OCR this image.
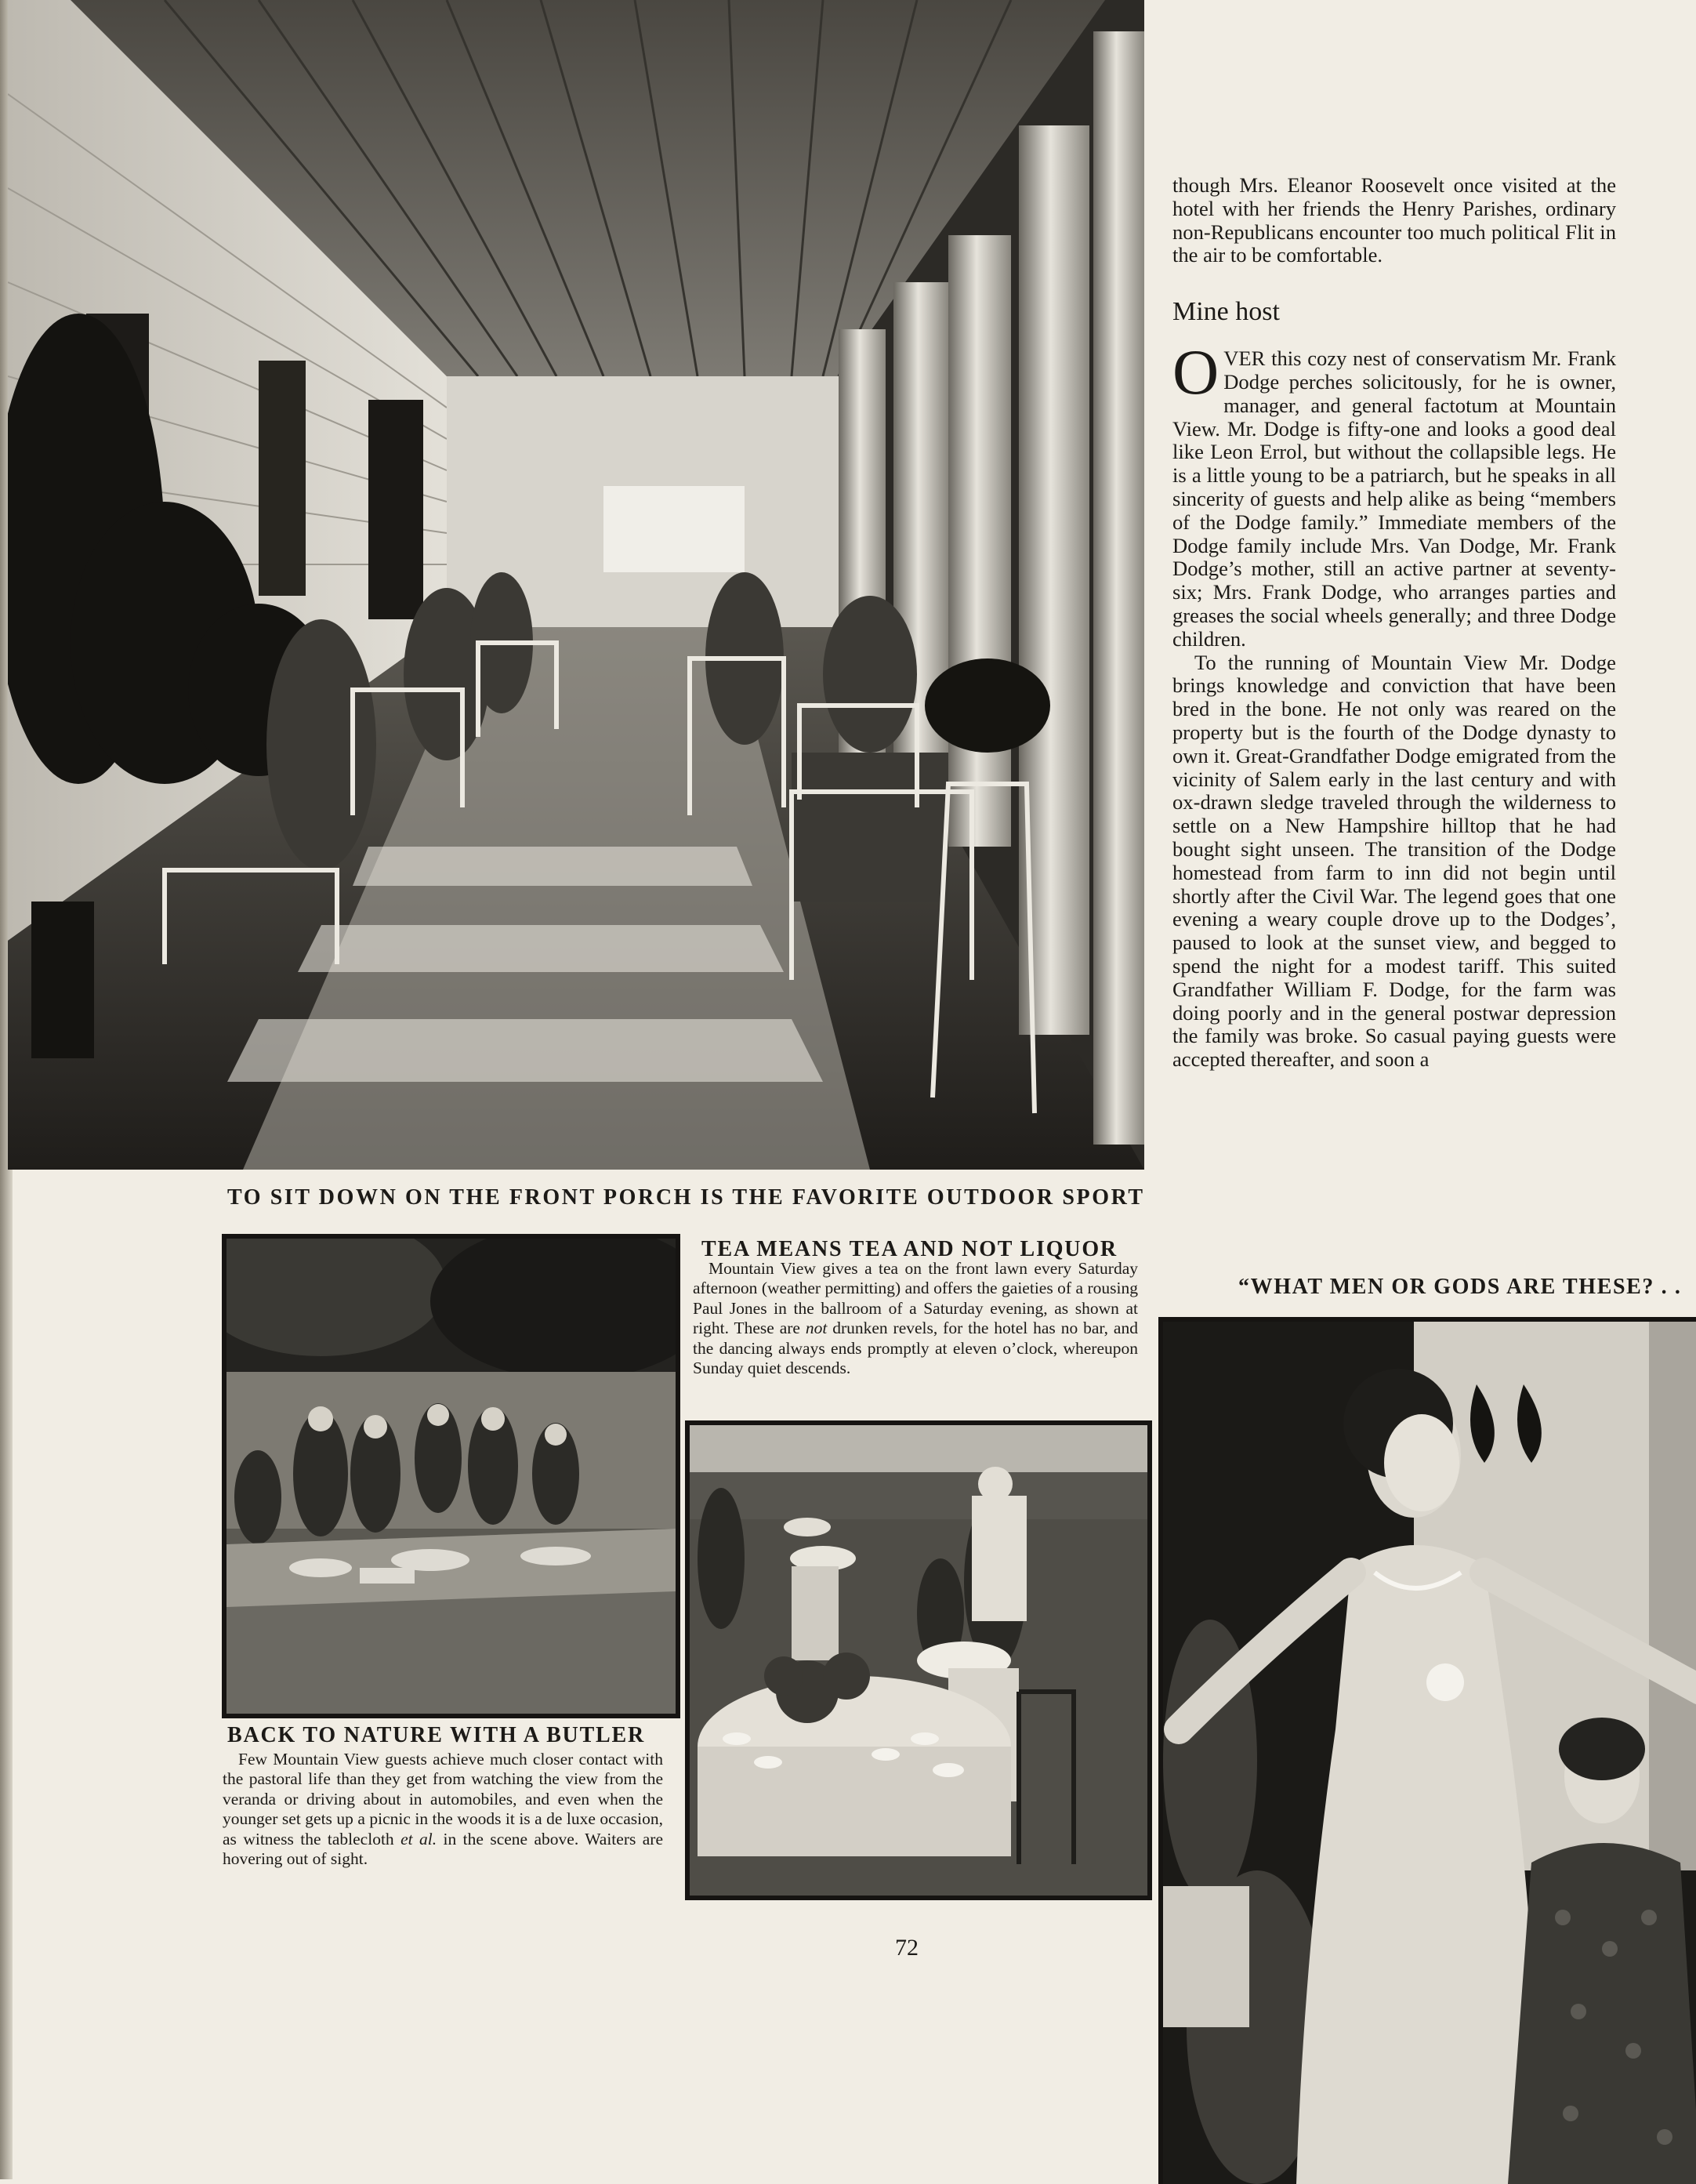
TO SIT DOWN ON THE FRONT PORCH IS THE FAVORITE OUTDOOR SPORT

though Mrs. Eleanor Roosevelt once visited at the hotel with her friends the Henry Parishes, ordinary non-Republicans encounter too much political Flit in the air to be comfortable.

Mine host

OVER this cozy nest of conservatism Mr. Frank Dodge perches solicitously, for he is owner, manager, and general factotum at Mountain View. Mr. Dodge is fifty-one and looks a good deal like Leon Errol, but without the collapsible legs. He is a little young to be a patriarch, but he speaks in all sincerity of guests and help alike as being “members of the Dodge family.” Immediate members of the Dodge family include Mrs. Van Dodge, Mr. Frank Dodge’s mother, still an active partner at seventy-six; Mrs. Frank Dodge, who arranges parties and greases the social wheels generally; and three Dodge children.

To the running of Mountain View Mr. Dodge brings knowledge and conviction that have been bred in the bone. He not only was reared on the property but is the fourth of the Dodge dynasty to own it. Great-Grandfather Dodge emigrated from the vicinity of Salem early in the last century and with ox-drawn sledge traveled through the wilderness to settle on a New Hampshire hilltop that he had bought sight unseen. The transition of the Dodge homestead from farm to inn did not begin until shortly after the Civil War. The legend goes that one evening a weary couple drove up to the Dodges’, paused to look at the sunset view, and begged to spend the night for a modest tariff. This suited Grandfather William F. Dodge, for the farm was doing poorly and in the general postwar depression the family was broke. So casual paying guests were accepted thereafter, and soon a

“WHAT MEN OR GODS ARE THESE? . .
BACK TO NATURE WITH A BUTLER
Few Mountain View guests achieve much closer contact with the pastoral life than they get from watching the view from the veranda or driving about in automobiles, and even when the younger set gets up a picnic in the woods it is a de luxe occasion, as witness the tablecloth et al. in the scene above. Waiters are hovering out of sight.
TEA MEANS TEA AND NOT LIQUOR
Mountain View gives a tea on the front lawn every Saturday afternoon (weather permitting) and offers the gaieties of a rousing Paul Jones in the ballroom of a Saturday evening, as shown at right. These are not drunken revels, for the hotel has no bar, and the dancing always ends promptly at eleven o’clock, whereupon Sunday quiet descends.
72
